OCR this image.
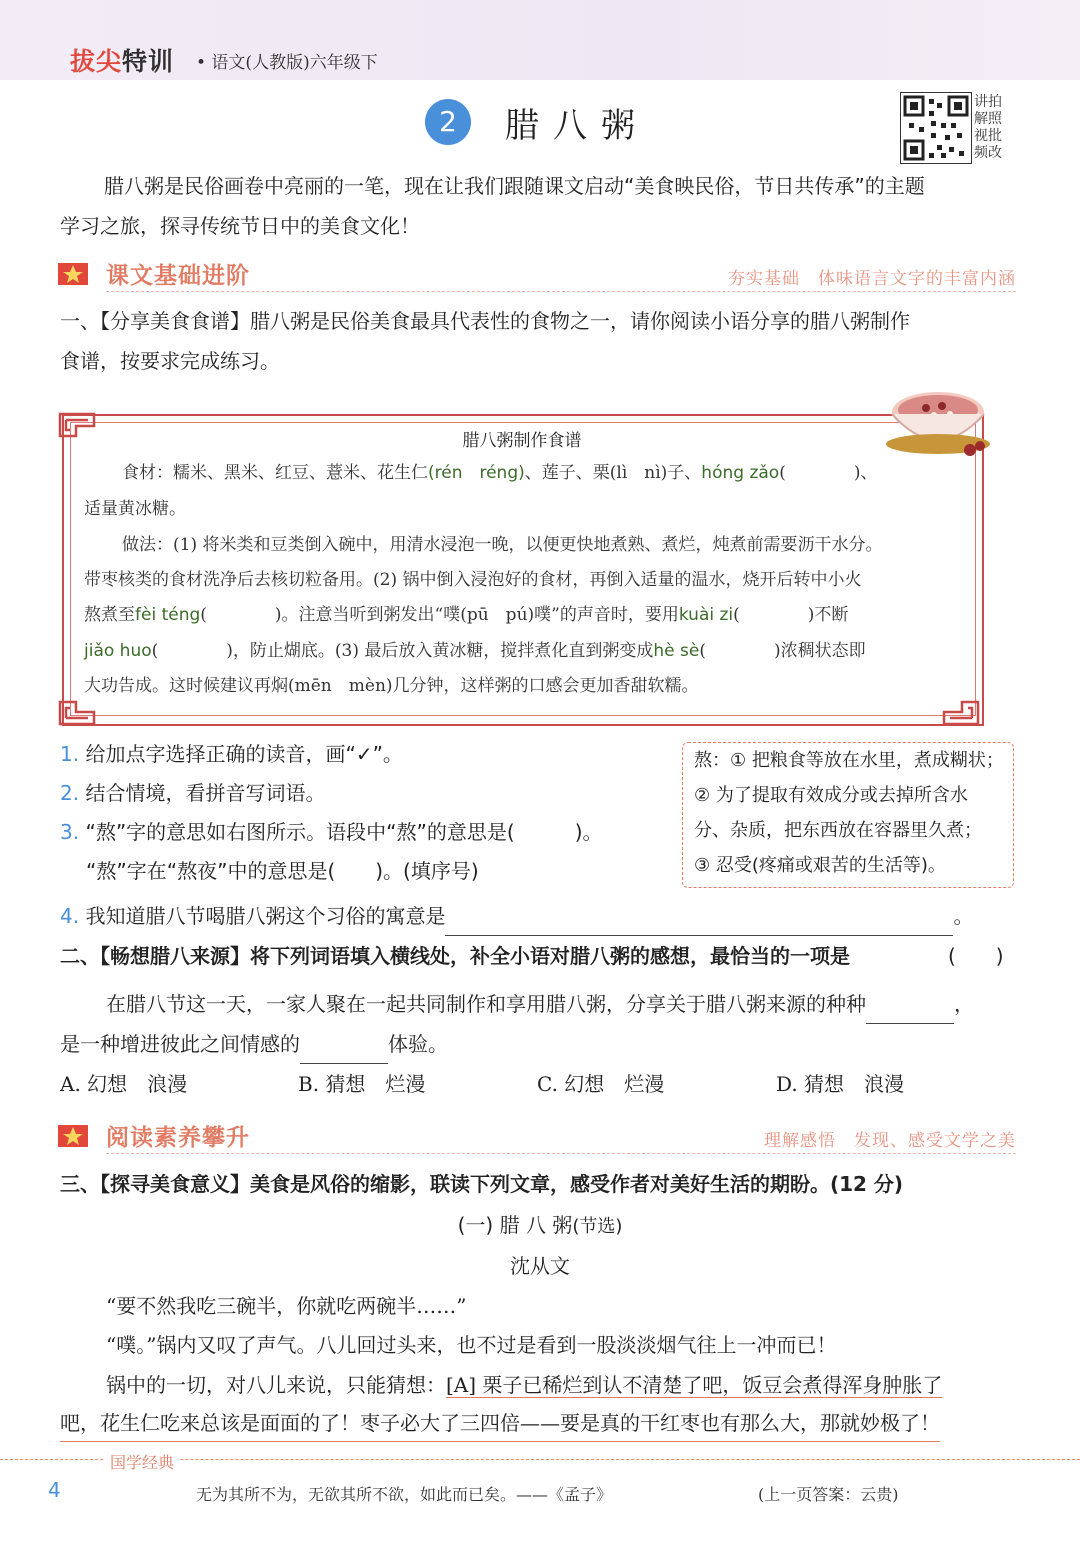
拔尖特训 • 语文(人教版)六年级下
2	腊八粥
讲拍 解照 视批 频改
腊八粥是民俗画卷中亮丽的一笔，现在让我们跟随课文启动“美食映民俗，节日共传承”的主题
学习之旅，探寻传统节日中的美食文化！
课文基础进阶	夯实基础　 体味语言文字的丰富内涵
一、【分享美食食谱】腊八粥是民俗美食最具代表性的食物之一，请你阅读小语分享的腊八粥制作
食谱，按要求完成练习。
腊八粥制作食谱
食材：糯米、黑米、红豆、薏米、花生仁(rén　réng)、莲子、栗(lì　nì)子、hóng zǎo(　　　　)、
适量黄冰糖。
做法：(1) 将米类和豆类倒入碗中，用清水浸泡一晚，以便更快地煮熟、煮烂，炖煮前需要沥干水分。
带枣核类的食材洗净后去核切粒备用。(2) 锅中倒入浸泡好的食材，再倒入适量的温水，烧开后转中小火
熬煮至fèi téng(　　　　)。注意当听到粥发出“噗(pū　pú)噗”的声音时，要用kuài zi(　　　　)不断
jiǎo huo(　　　　)，防止煳底。(3) 最后放入黄冰糖，搅拌煮化直到粥变成hè sè(　　　　)浓稠状态即
大功告成。这时候建议再焖(mēn　mèn)几分钟，这样粥的口感会更加香甜软糯。
1. 给加点字选择正确的读音，画“✓”。
2. 结合情境，看拼音写词语。
3. “熬”字的意思如右图所示。语段中“熬”的意思是(　　　)。
“熬”字在“熬夜”中的意思是(　　)。(填序号)
4. 我知道腊八节喝腊八粥这个习俗的寓意是	。
熬：① 把粮食等放在水里，煮成糊状；
② 为了提取有效成分或去掉所含水
分、杂质，把东西放在容器里久煮；
③ 忍受(疼痛或艰苦的生活等)。
二、【畅想腊八来源】将下列词语填入横线处，补全小语对腊八粥的感想，最恰当的一项是	(　　)
在腊八节这一天，一家人聚在一起共同制作和享用腊八粥，分享关于腊八粥来源的种种	，
是一种增进彼此之间情感的	体验。
A. 幻想　浪漫	B. 猜想　烂漫	C. 幻想　烂漫	D. 猜想　浪漫
阅读素养攀升	理解感悟　 发现、感受文学之美
三、【探寻美食意义】美食是风俗的缩影，联读下列文章，感受作者对美好生活的期盼。(12 分)
(一) 腊 八 粥(节选)
沈从文
“要不然我吃三碗半，你就吃两碗半……”
“噗。”锅内又叹了声气。八儿回过头来，也不过是看到一股淡淡烟气往上一冲而已！
锅中的一切，对八儿来说，只能猜想：[A] 栗子已稀烂到认不清楚了吧，饭豆会煮得浑身肿胀了
吧，花生仁吃来总该是面面的了！枣子必大了三四倍——要是真的干红枣也有那么大，那就妙极了！
国学经典
4	无为其所不为，无欲其所不欲，如此而已矣。——《孟子》	(上一页答案：云贵)
